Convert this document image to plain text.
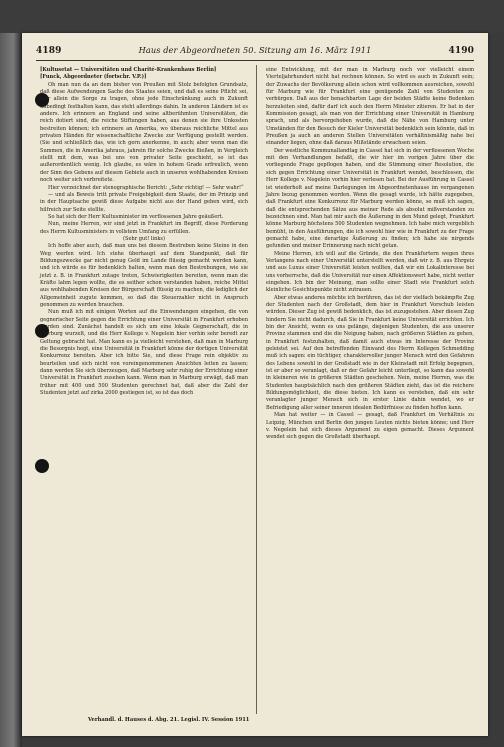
4189	Haus der Abgeordneten 50. Sitzung am 16. März 1911	4190

[Kultusetat — Universitäten und Charité-Krankenhaus Berlin]

[Funck, Abgeordneter (fortschr. V.P.)]

Oh man nun da an dem bisher von Preußen mit Stolz befolgten Grundsatz, daß diese Aufwendungen Sache des Staates seien, und daß es seine Pflicht sei, hier allein die Sorge zu tragen, ohne jede Einschränkung auch in Zukunft unbedingt festhalten kann, das steht allerdings dahin. In anderen Ländern ist es anders. Ich erinnere an England und seine altberühmten Universitäten, die reich dotiert sind, die reiche Stiftungen haben, aus denen sie ihre Unkosten bestreiten können; ich erinnere an Amerika, wo überaus reichliche Mittel aus privaten Händen für wissenschaftliche Zwecke zur Verfügung gestellt werden. (Sie und schließlich das, wie ich gern anerkenne, in auch; aber wenn man die Summen, die in Amerika jahraus, jahrein für solche Zwecke fließen, in Vergleich stellt mit dem, was bei uns von privater Seite geschieht, so ist das außerordentlich wenig. Ich glaube, es wäre in hohem Grade erfreulich, wenn der Sinn des Gebens auf diesem Gebiete auch in unseren wohlhabenden Kreisen noch weiter sich verbreitete.

Hier verzeichnet der stenographische Bericht: „Sehr richtig! — Sehr wahr!“

— und als Beweis tritt private Freigebigkeit dem Staate, der im Prinzip und in der Hauptsache gewiß diese Aufgabe nicht aus der Hand geben wird, sich hilfreich zur Seite stellte.

So hat sich der Herr Kultusminister im verflossenen Jahre geäußert.

Nun, meine Herren, wir sind jetzt in Frankfurt im Begriff, diese Forderung des Herrn Kultusministers in vollstem Umfang zu erfüllen.

(Sehr gut! links)

Ich hoffe aber auch, daß man uns bei diesem Bestreben keine Steine in den Weg werfen wird. Ich stehe überhaupt auf dem Standpunkt, daß für Bildungszwecke gar nicht genug Geld im Lande flüssig gemacht werden kann, und ich würde es für bedenklich halten, wenn man den Bestrebungen, wie sie jetzt z. B. in Frankfurt zutage treten, Schwierigkeiten bereiten, wenn man die Kräfte lahm legen wollte, die es seither schon verstanden haben, reiche Mittel aus wohlhabenden Kreisen der Bürgerschaft flüssig zu machen, die lediglich der Allgemeinheit zugute kommen, so daß die Steuerzahler nicht in Anspruch genommen zu werden brauchen.

Nun muß ich mit einigen Worten auf die Einwendungen eingehen, die von gegnerischer Seite gegen die Errichtung einer Universität in Frankfurt erhoben worden sind. Zunächst handelt es sich um eine lokale Gegnerschaft, die in Marburg wurzelt, und die Herr Kollege v. Negelein hier vorhin sehr beredt zur Geltung gebracht hat. Man kann es ja vielleicht verstehen, daß man in Marburg die Besorgnis hegt, eine Universität in Frankfurt könne der dortigen Universität Konkurrenz bereiten. Aber ich bitte Sie, und diese Frage rein objektiv zu beurteilen und sich nicht von voreingenommenen Ansichten leiten zu lassen; dann werden Sie sich überzeugen, daß Marburg sehr ruhig der Errichtung einer Universität in Frankfurt zusehen kann. Wenn man in Marburg erwägt, daß man früher mit 400 und 500 Studenten gerechnet hat, daß aber die Zahl der Studenten jetzt auf zirka 2000 gestiegen ist, so ist das doch

eine Entwicklung, mit der man in Marburg noch vor vielleicht einem Vierteljahrhundert nicht hat rechnen können. So wird es auch in Zukunft sein; der Zuwachs der Bevölkerung allein schon wird vollkommen ausreichen, sowohl für Marburg wie für Frankfurt eine genügende Zahl von Studenten zu verbürgen. Daß aus der benachbarten Lage der beiden Städte keine Bedenken herzuleiten sind, dafür darf ich auch den Herrn Minister zitieren. Er hat in der Kommission gesagt, als man von der Errichtung einer Universität in Hamburg sprach, und als hervorgehoben wurde, daß die Nähe von Hamburg unter Umständen für den Besuch der Kieler Universität bedenklich sein könnte, daß in Preußen ja auch an anderen Stellen Universitäten verhältnismäßig nahe bei einander liegen, ohne daß daraus Mißstände erwachsen seien.

Der westliche Kommunallandtag in Cassel hat sich in der verflossenen Woche mit den Verhandlungen befaßt, die wir hier im vorigen Jahre über die vorliegende Frage gepflogen haben, und die Stimmung einer Resolution, die sich gegen Errichtung einer Universität in Frankfurt wendet, beschlossen, die Herr Kollege v. Negelein vorhin hier verlesen hat. Bei der Ausführung in Cassel ist wiederholt auf meine Darlegungen im Abgeordnetenhause im vergangenen Jahre bezug genommen worden. Wenn die gesagt wurde, ich hätte zugegeben, daß Frankfurt eine Konkurrenz für Marburg werden könne, so muß ich sagen, daß die entsprechenden Sätze aus meiner Rede als absolut mißverstanden zu bezeichnen sind. Man hat mir auch die Äußerung in den Mund gelegt, Frankfurt könne Marburg höchstens 500 Studenten wegnehmen. Ich habe mich vergeblich bemüht, in den Ausführungen, die ich sowohl hier wie in Frankfurt zu der Frage gemacht habe, eine derartige Äußerung zu finden; ich habe sie nirgends gefunden und meiner Erinnerung nach nicht getan.

Meine Herren, ich will auf die Gründe, die den Frankfurtern wegen ihres Verlangens nach einer Universität unterstellt werden, daß wir z. B. aus Ehrgeiz und aus Luxus einer Universität leisten wollten, daß wir ein Lokalinteresse bei uns vorherrsche, daß die Universität nur einen Affektionswert habe, nicht weiter eingehen. Ich bin der Meinung, man sollte einer Stadt wie Frankfurt solch kleinliche Gesichtspunkte nicht zutrauen.

Aber etwas anderes möchte ich berühren, das ist der vielfach bekämpfte Zug der Studenten nach der Großstadt, dem hier in Frankfurt Vorschub leisten würden. Dieser Zug ist gewiß bedenklich, das ist zuzugestehen. Aber diesen Zug hindern Sie nicht dadurch, daß Sie in Frankfurt keine Universität errichten. Ich bin der Ansicht, wenn es uns gelänge, diejenigen Studenten, die aus unserer Provinz stammen und die die Neigung haben, nach größeren Städten zu gehen, in Frankfurt festzuhalten, daß damit auch etwas im Interesse der Provinz geleistet sei. Auf den betreffenden Einwand des Herrn Kollegen Schmedding muß ich sagen: ein tüchtiger, charaktervoller junger Mensch wird den Gefahren des Lebens sowohl in der Großstadt wie in der Kleinstadt mit Erfolg begegnen, ist er aber so veranlagt, daß er der Gefahr leicht unterliegt, so kann das sowohl in kleineren wie in größeren Städten geschehen. Nein, meine Herren, was die Studenten hauptsächlich nach den größeren Städten zieht, das ist die reichere Bildungsmöglichkeit, die diese bieten. Ich kann es verstehen, daß ein sehr veranlagter junger Mensch sich in erster Linie dahin wendet, wo er Befriedigung aller seiner inneren idealen Bedürfnisse zu finden hoffen kann.

Man hat weiter — in Cassel — gesagt, daß Frankfurt im Verhältnis zu Leipzig, München und Berlin den jungen Leuten nichts bieten könne; und Herr v. Negelein hat sich dieses Argument zu eigen gemacht. Dieses Argument wendet sich gegen die Großstadt überhaupt.

Verhandl. d. Hauses d. Abg. 21. Legisl. IV. Session 1911
